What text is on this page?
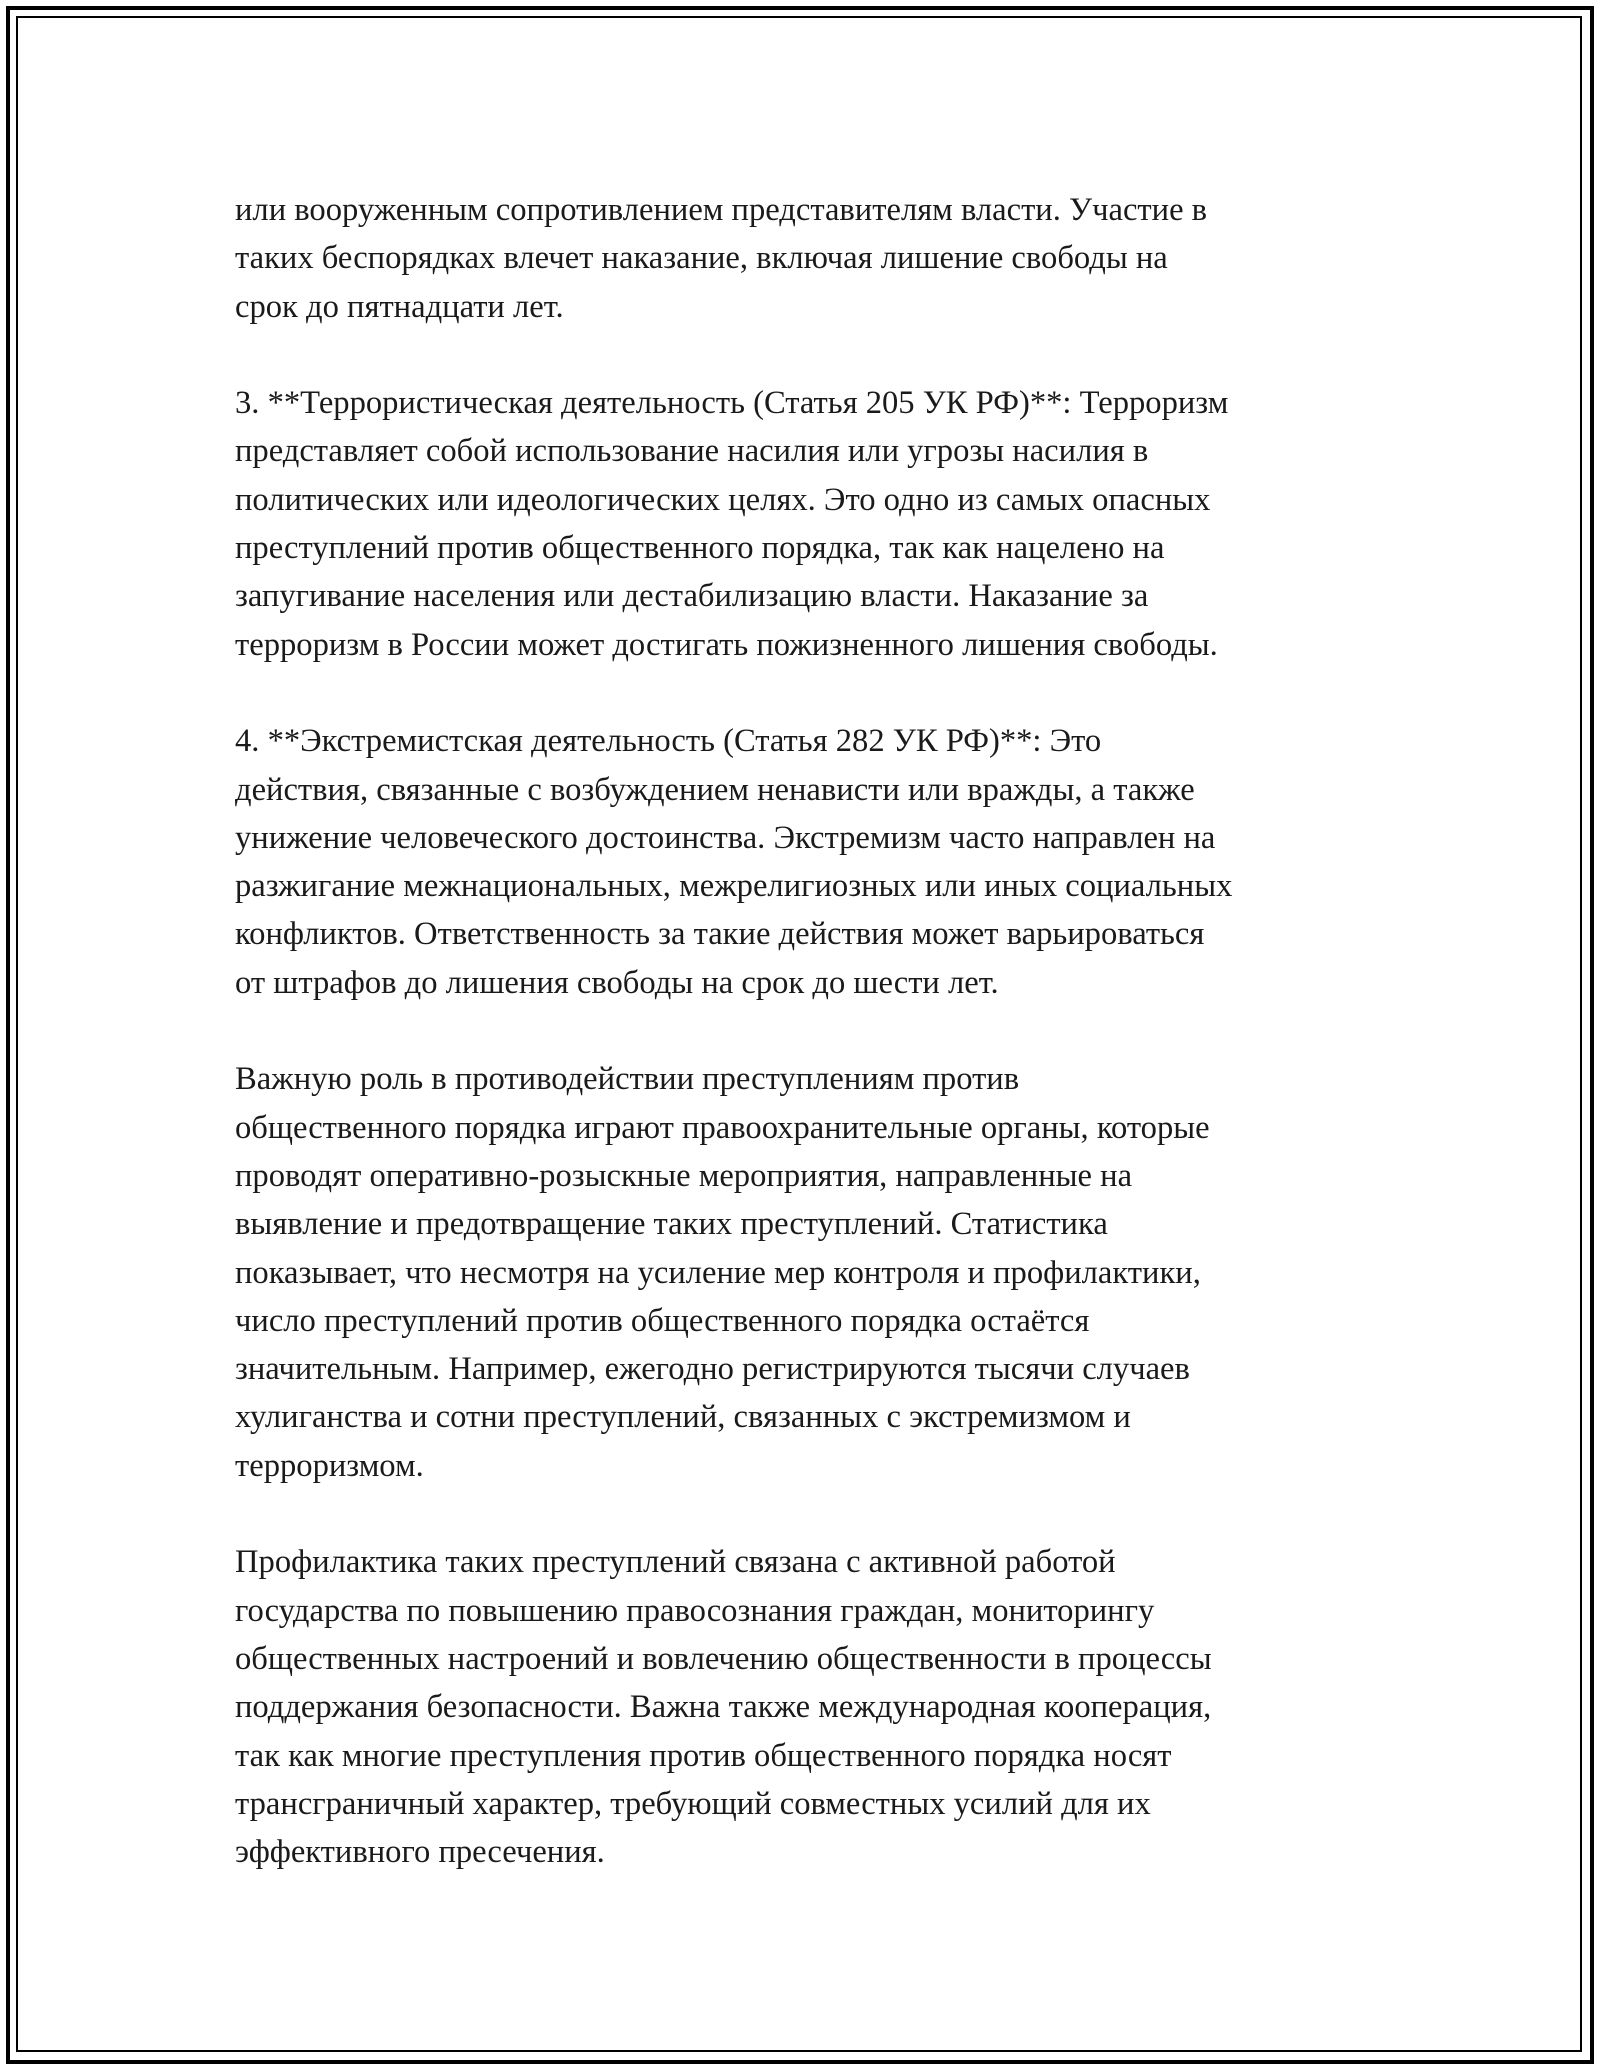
или вооруженным сопротивлением представителям власти. Участие в
таких беспорядках влечет наказание, включая лишение свободы на
срок до пятнадцати лет.

3. **Террористическая деятельность (Статья 205 УК РФ)**: Терроризм
представляет собой использование насилия или угрозы насилия в
политических или идеологических целях. Это одно из самых опасных
преступлений против общественного порядка, так как нацелено на
запугивание населения или дестабилизацию власти. Наказание за
терроризм в России может достигать пожизненного лишения свободы.

4. **Экстремистская деятельность (Статья 282 УК РФ)**: Это
действия, связанные с возбуждением ненависти или вражды, а также
унижение человеческого достоинства. Экстремизм часто направлен на
разжигание межнациональных, межрелигиозных или иных социальных
конфликтов. Ответственность за такие действия может варьироваться
от штрафов до лишения свободы на срок до шести лет.

Важную роль в противодействии преступлениям против
общественного порядка играют правоохранительные органы, которые
проводят оперативно-розыскные мероприятия, направленные на
выявление и предотвращение таких преступлений. Статистика
показывает, что несмотря на усиление мер контроля и профилактики,
число преступлений против общественного порядка остаётся
значительным. Например, ежегодно регистрируются тысячи случаев
хулиганства и сотни преступлений, связанных с экстремизмом и
терроризмом.

Профилактика таких преступлений связана с активной работой
государства по повышению правосознания граждан, мониторингу
общественных настроений и вовлечению общественности в процессы
поддержания безопасности. Важна также международная кооперация,
так как многие преступления против общественного порядка носят
трансграничный характер, требующий совместных усилий для их
эффективного пресечения.
